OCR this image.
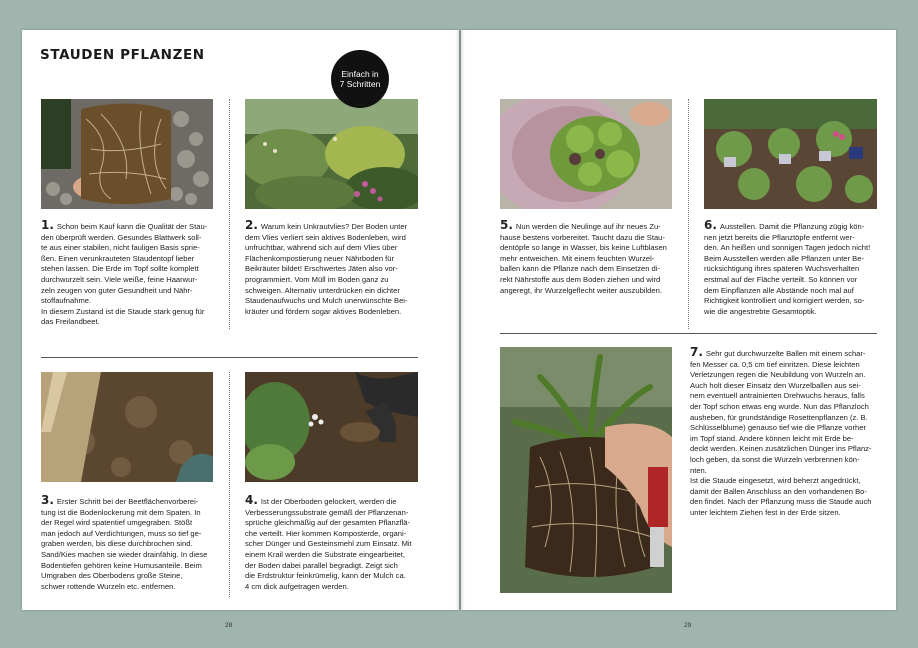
STAUDEN PFLANZEN
Einfach in
7 Schritten
1. Schon beim Kauf kann die Qualität der Stau-
den überprüft werden. Gesundes Blattwerk soll-
te aus einer stabilen, nicht fauligen Basis sprie-
ßen. Einen verunkrauteten Staudentopf lieber
stehen lassen. Die Erde im Topf sollte komplett
durchwurzelt sein. Viele weiße, feine Haarwur-
zeln zeugen von guter Gesundheit und Nähr-
stoffaufnahme.
In diesem Zustand ist die Staude stark genug für
das Freilandbeet.
2. Warum kein Unkrautvlies? Der Boden unter
dem Vlies verliert sein aktives Bodenleben, wird
unfruchtbar, während sich auf dem Vlies über
Flächenkompostierung neuer Nährboden für
Beikräuter bildet! Erschwertes Jäten also vor-
programmiert. Vom Müll im Boden ganz zu
schweigen. Alternativ unterdrücken ein dichter
Staudenaufwuchs und Mulch unerwünschte Bei-
kräuter und fördern sogar aktives Bodenleben.
3. Erster Schritt bei der Beetflächenvorberei-
tung ist die Bodenlockerung mit dem Spaten. In
der Regel wird spatentief umgegraben. Stößt
man jedoch auf Verdichtungen, muss so tief ge-
graben werden, bis diese durchbrochen sind.
Sand/Kies machen sie wieder drainfähig. In diese
Bodentiefen gehören keine Humusanteile. Beim
Umgraben des Oberbodens große Steine,
schwer rottende Wurzeln etc. entfernen.
4. Ist der Oberboden gelockert, werden die
Verbesserungssubstrate gemäß der Pflanzenan-
sprüche gleichmäßig auf der gesamten Pflanzflä-
che verteilt. Hier kommen Komposterde, organi-
scher Dünger und Gesteinsmehl zum Einsatz. Mit
einem Krail werden die Substrate eingearbeitet,
der Boden dabei parallel begradigt. Zeigt sich
die Erdstruktur feinkrümelig, kann der Mulch ca.
4 cm dick aufgetragen werden.
5. Nun werden die Neulinge auf ihr neues Zu-
hause bestens vorbereitet. Taucht dazu die Stau-
dentöpfe so lange in Wasser, bis keine Luftblasen
mehr entweichen. Mit einem feuchten Wurzel-
ballen kann die Pflanze nach dem Einsetzen di-
rekt Nährstoffe aus dem Boden ziehen und wird
angeregt, ihr Wurzelgeflecht weiter auszubilden.
6. Ausstellen. Damit die Pflanzung zügig kön-
nen jetzt bereits die Pflanztöpfe entfernt wer-
den. An heißen und sonnigen Tagen jedoch nicht!
Beim Ausstellen werden alle Pflanzen unter Be-
rücksichtigung ihres späteren Wuchsverhalten
erstmal auf der Fläche verteilt. So können vor
dem Einpflanzen alle Abstände noch mal auf
Richtigkeit kontrolliert und korrigiert werden, so-
wie die angestrebte Gesamtoptik.
7. Sehr gut durchwurzelte Ballen mit einem schar-
fen Messer ca. 0,5 cm tief einritzen. Diese leichten
Verletzungen regen die Neubildung von Wurzeln an.
Auch holt dieser Einsatz den Wurzelballen aus sei-
nem eventuell antrainierten Drehwuchs heraus, falls
der Topf schon etwas eng wurde. Nun das Pflanzloch
ausheben, für grundständige Rosettenpflanzen (z. B.
Schlüsselblume) genauso tief wie die Pflanze vorher
im Topf stand. Andere können leicht mit Erde be-
deckt werden. Keinen zusätzlichen Dünger ins Pflanz-
loch geben, da sonst die Wurzeln verbrennen kön-
nten.
Ist die Staude eingesetzt, wird beherzt angedrückt,
damit der Ballen Anschluss an den vorhandenen Bo-
den findet. Nach der Pflanzung muss die Staude auch
unter leichtem Ziehen fest in der Erde sitzen.
28	29
